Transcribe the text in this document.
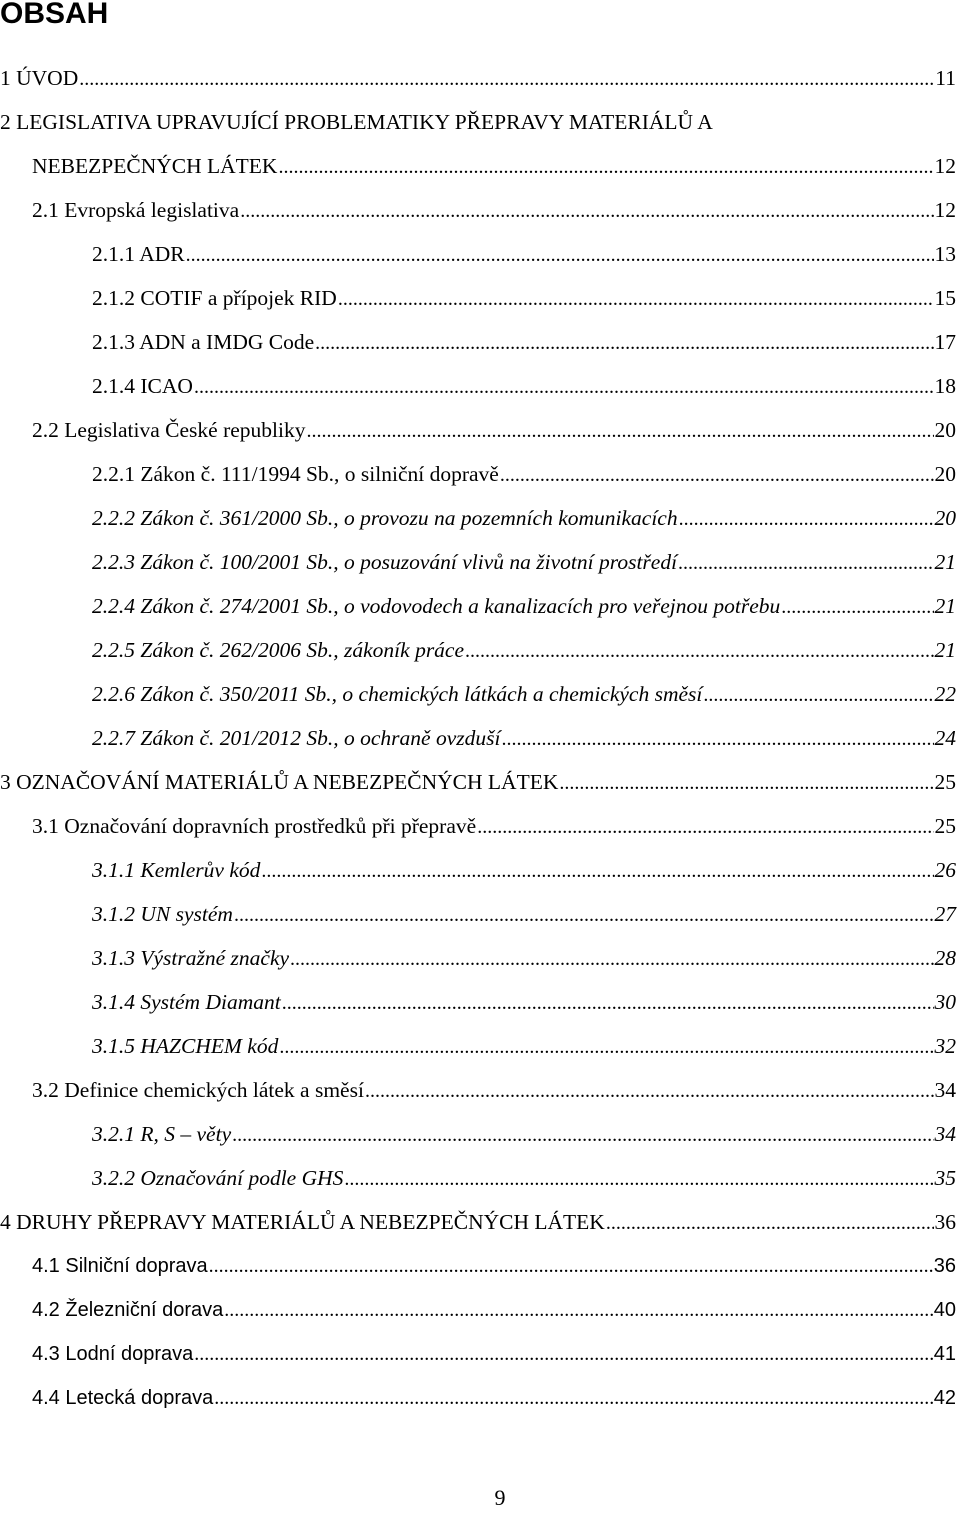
OBSAH
1 ÚVOD .....	11
2 LEGISLATIVA UPRAVUJÍCÍ PROBLEMATIKY PŘEPRAVY MATERIÁLŮ A
NEBEZPEČNÝCH LÁTEK .....	12
2.1 Evropská legislativa .....	12
2.1.1 ADR .....	13
2.1.2 COTIF a přípojek RID .....	15
2.1.3 ADN a IMDG Code .....	17
2.1.4 ICAO .....	18
2.2 Legislativa České republiky .....	20
2.2.1 Zákon č. 111/1994 Sb., o silniční dopravě .....	20
2.2.2 Zákon č. 361/2000 Sb., o provozu na pozemních komunikacích .....	20
2.2.3 Zákon č. 100/2001 Sb., o posuzování vlivů na životní prostředí .....	21
2.2.4 Zákon č. 274/2001 Sb., o vodovodech a kanalizacích pro veřejnou potřebu .....	21
2.2.5 Zákon č. 262/2006 Sb., zákoník práce .....	21
2.2.6 Zákon č. 350/2011 Sb., o chemických látkách a chemických směsí .....	22
2.2.7 Zákon č. 201/2012 Sb., o ochraně ovzduší .....	24
3 OZNAČOVÁNÍ MATERIÁLŮ A NEBEZPEČNÝCH LÁTEK .....	25
3.1 Označování dopravních prostředků při přepravě .....	25
3.1.1 Kemlerův kód .....	26
3.1.2 UN systém .....	27
3.1.3 Výstražné značky .....	28
3.1.4 Systém Diamant .....	30
3.1.5 HAZCHEM kód .....	32
3.2 Definice chemických látek a směsí .....	34
3.2.1 R, S – věty .....	34
3.2.2 Označování podle GHS .....	35
4 DRUHY PŘEPRAVY MATERIÁLŮ A NEBEZPEČNÝCH LÁTEK .....	36
4.1 Silniční doprava .....	36
4.2 Železniční dorava .....	40
4.3 Lodní doprava .....	41
4.4 Letecká doprava .....	42
9
